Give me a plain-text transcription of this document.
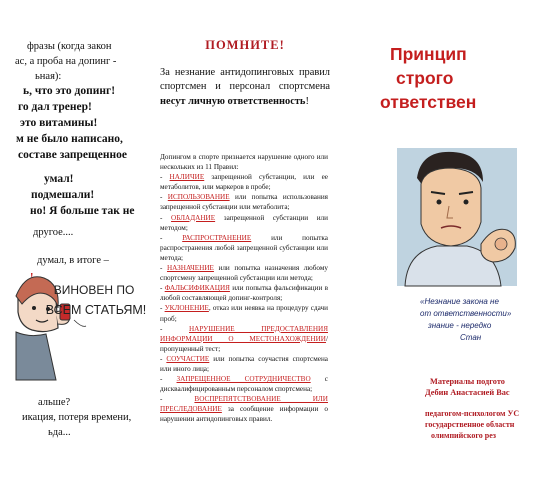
фразы (когда закон
ас, а проба на допинг -
ьная):
ь, что это допинг!
го дал тренер!
это витамины!
м не было написано,
составе запрещенное
умал!
подмешали!
но! Я больше так не
другое....
думал, в итоге –
ВИНОВЕН ПО
ВСЕМ СТАТЬЯМ!
альше?
икация, потеря времени,
ьда...
ПОМНИТЕ!
За незнание антидопинговых правил спортсмен и персонал спортсмена несут личную ответственность!
Допингом в спорте признается нарушение одного или нескольких из 11 Правил:
- НАЛИЧИЕ запрещенной субстанции, или ее метаболитов, или маркеров в пробе;
- ИСПОЛЬЗОВАНИЕ или попытка использования запрещенной субстанции или метаболита;
- ОБЛАДАНИЕ запрещенной субстанции или методом;
- РАСПРОСТРАНЕНИЕ или попытка распространения любой запрещенной субстанции или метода;
- НАЗНАЧЕНИЕ или попытка назначения любому спортсмену запрещенной субстанции или метода;
- ФАЛЬСИФИКАЦИЯ или попытка фальсификации в любой составляющей допинг-контроля;
- УКЛОНЕНИЕ, отказ или неявка на процедуру сдачи проб;
- НАРУШЕНИЕ ПРЕДОСТАВЛЕНИЯ ИНФОРМАЦИИ О МЕСТОНАХОЖДЕНИИ/ пропущенный тест;
- СОУЧАСТИЕ или попытка соучастия спортсмена или иного лица;
- ЗАПРЕЩЕННОЕ СОТРУДНИЧЕСТВО с дисквалифицированным персоналом спортсмена;
- ВОСПРЕПЯТСТВОВАНИЕ ИЛИ ПРЕСЛЕДОВАНИЕ за сообщение информации о нарушении антидопинговых правил.
Принцип
строго
ответствен
«Незнание закона не
от ответственности»
знание - нередко
Стан
Материалы подгото
Дебин Анастасией Вас
педагогом-психологом УС
государственное областн
олимпийского рез
